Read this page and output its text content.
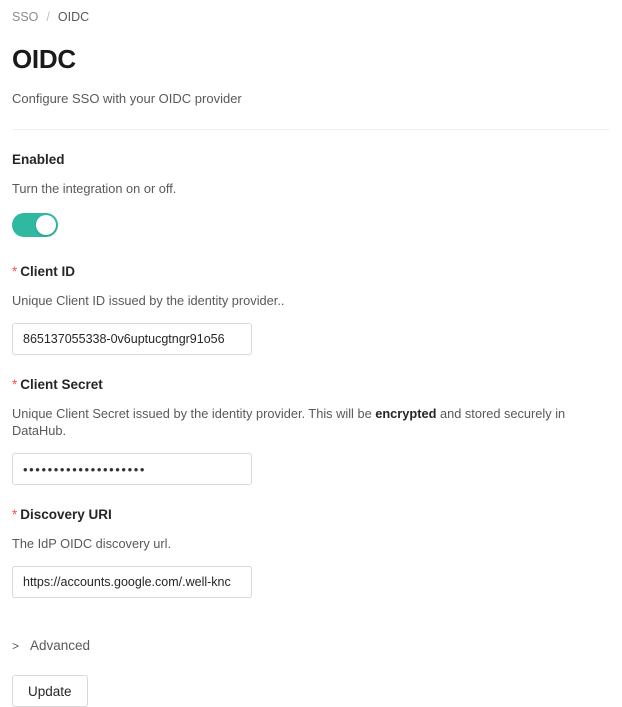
SSO / OIDC
OIDC
Configure SSO with your OIDC provider
Enabled
Turn the integration on or off.
* Client ID
Unique Client ID issued by the identity provider..
865137055338-0v6uptucgtngr91o56
* Client Secret
Unique Client Secret issued by the identity provider. This will be encrypted and stored securely in DataHub.
••••••••••••••••••••
* Discovery URI
The IdP OIDC discovery url.
https://accounts.google.com/.well-knc
> Advanced
Update
